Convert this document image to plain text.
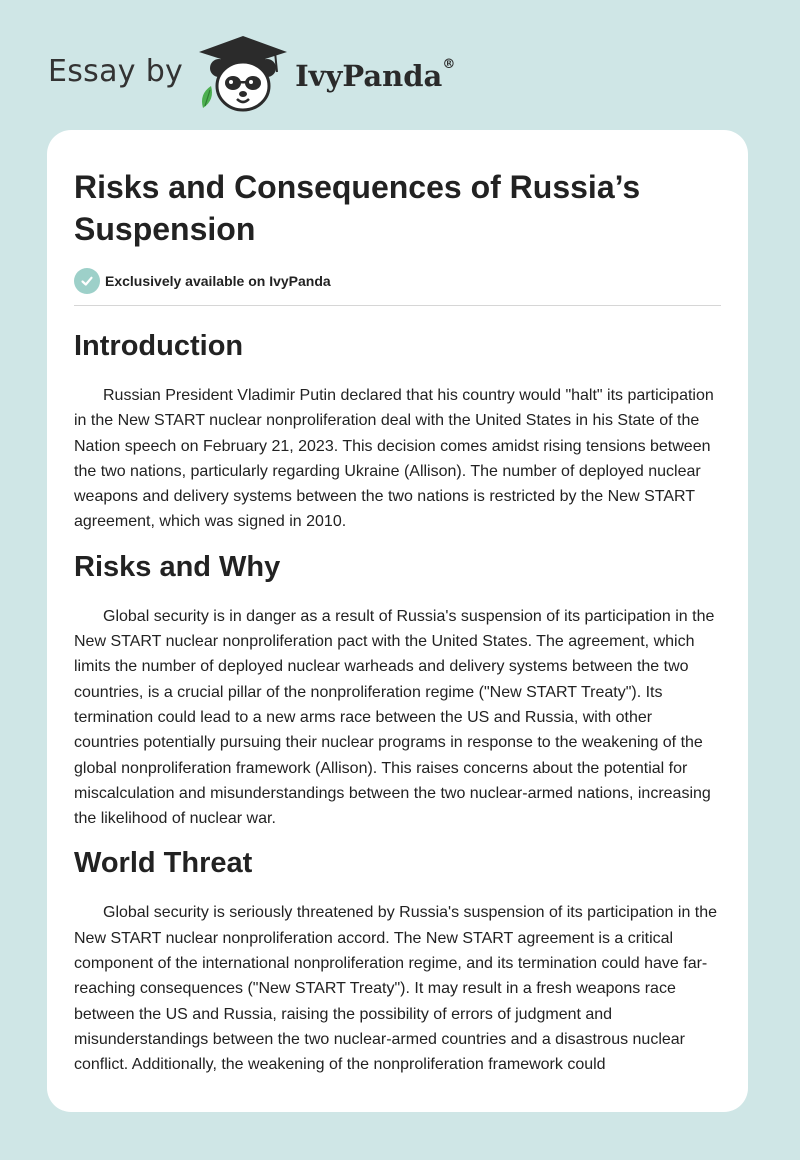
Essay by	IvyPanda®
Risks and Consequences of Russia’s Suspension
Exclusively available on IvyPanda
Introduction

Russian President Vladimir Putin declared that his country would "halt" its participation in the New START nuclear nonproliferation deal with the United States in his State of the Nation speech on February 21, 2023. This decision comes amidst rising tensions between the two nations, particularly regarding Ukraine (Allison). The number of deployed nuclear weapons and delivery systems between the two nations is restricted by the New START agreement, which was signed in 2010.

Risks and Why

Global security is in danger as a result of Russia's suspension of its participation in the New START nuclear nonproliferation pact with the United States. The agreement, which limits the number of deployed nuclear warheads and delivery systems between the two countries, is a crucial pillar of the nonproliferation regime ("New START Treaty"). Its termination could lead to a new arms race between the US and Russia, with other countries potentially pursuing their nuclear programs in response to the weakening of the global nonproliferation framework (Allison). This raises concerns about the potential for miscalculation and misunderstandings between the two nuclear-armed nations, increasing the likelihood of nuclear war.

World Threat

Global security is seriously threatened by Russia's suspension of its participation in the New START nuclear nonproliferation accord. The New START agreement is a critical component of the international nonproliferation regime, and its termination could have far-reaching consequences ("New START Treaty"). It may result in a fresh weapons race between the US and Russia, raising the possibility of errors of judgment and misunderstandings between the two nuclear-armed countries and a disastrous nuclear conflict. Additionally, the weakening of the nonproliferation framework could
